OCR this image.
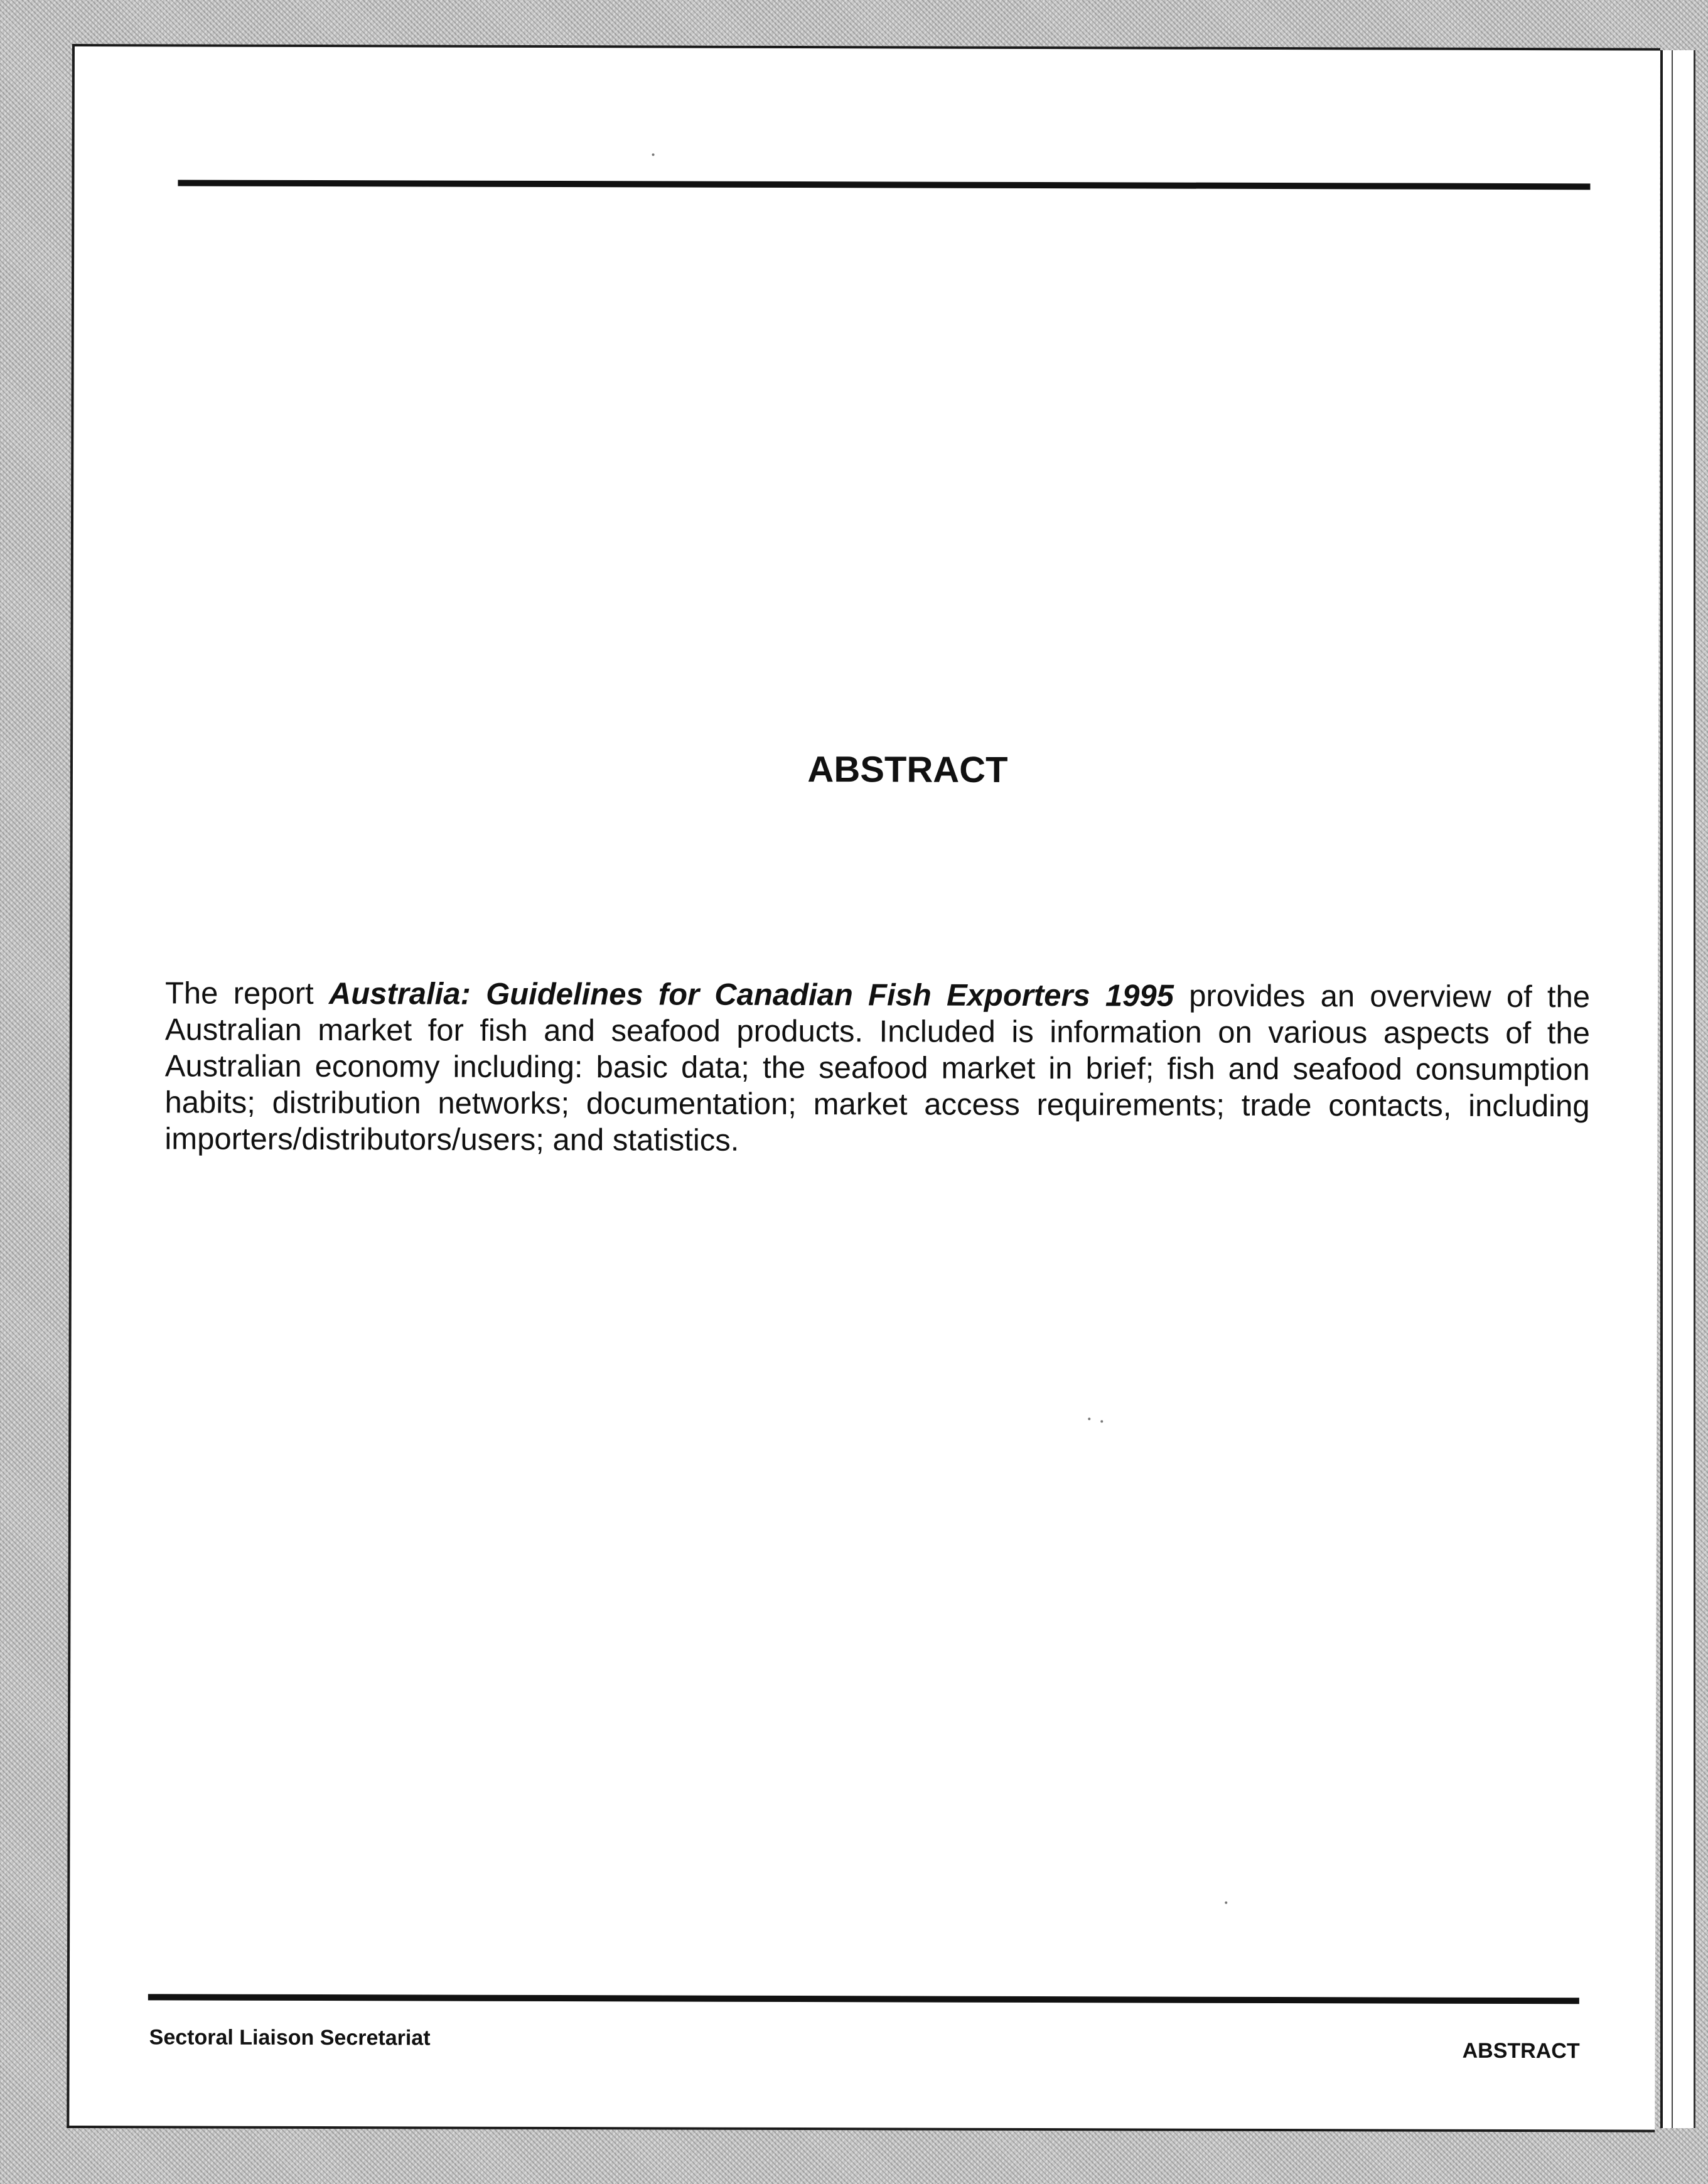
ABSTRACT

The report Australia: Guidelines for Canadian Fish Exporters 1995 provides an overview of the Australian market for fish and seafood products. Included is information on various aspects of the Australian economy including: basic data; the seafood market in brief; fish and seafood consumption habits; distribution networks; documentation; market access requirements; trade contacts, including importers/distributors/users; and statistics.

Sectoral Liaison Secretariat
ABSTRACT
